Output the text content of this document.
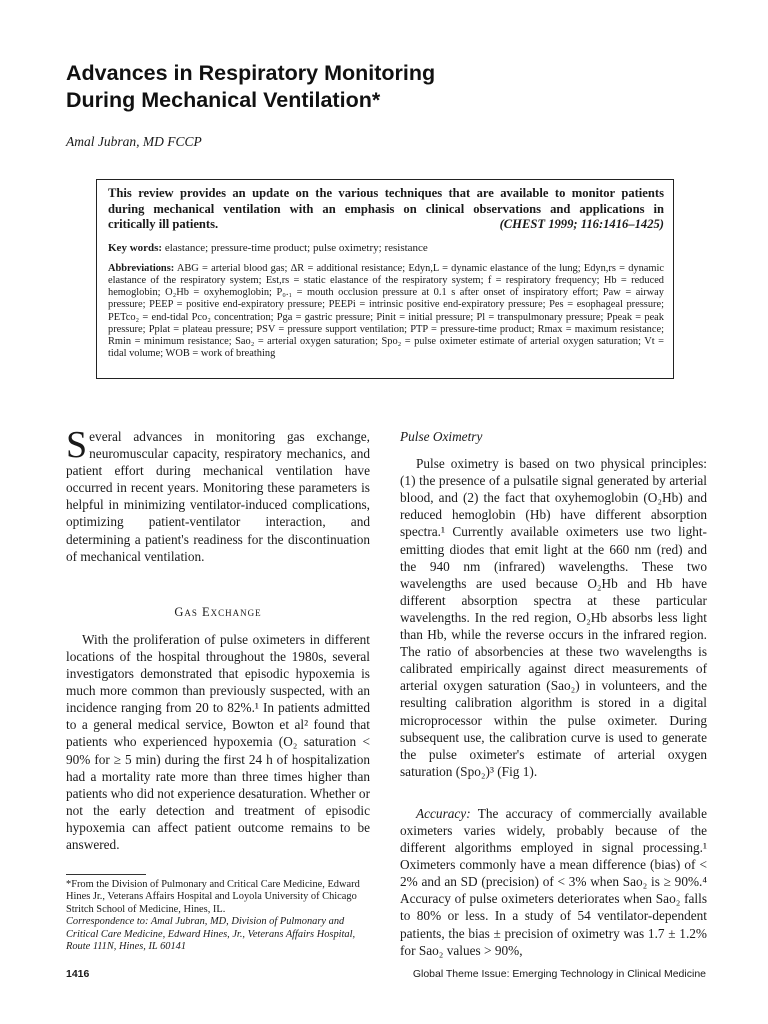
Advances in Respiratory Monitoring
During Mechanical Ventilation*
Amal Jubran, MD FCCP
This review provides an update on the various techniques that are available to monitor patients
during mechanical ventilation with an emphasis on clinical observations and applications in
critically ill patients.	(CHEST 1999; 116:1416–1425)
Key words: elastance; pressure-time product; pulse oximetry; resistance
Abbreviations: ABG = arterial blood gas; ΔR = additional resistance; Edyn,L = dynamic elastance of the lung; Edyn,rs = dynamic elastance of the respiratory system; Est,rs = static elastance of the respiratory system; f = respiratory frequency; Hb = reduced hemoglobin; O₂Hb = oxyhemoglobin; P₀.₁ = mouth occlusion pressure at 0.1 s after onset of inspiratory effort; Paw = airway pressure; PEEP = positive end-expiratory pressure; PEEPi = intrinsic positive end-expiratory pressure; Pes = esophageal pressure; PETco₂ = end-tidal Pco₂ concentration; Pga = gastric pressure; Pinit = initial pressure; Pl = transpulmonary pressure; Ppeak = peak pressure; Pplat = plateau pressure; PSV = pressure support ventilation; PTP = pressure-time product; Rmax = maximum resistance; Rmin = minimum resistance; Sao₂ = arterial oxygen saturation; Spo₂ = pulse oximeter estimate of arterial oxygen saturation; Vt = tidal volume; WOB = work of breathing

Several advances in monitoring gas exchange, neuromuscular capacity, respiratory mechanics, and patient effort during mechanical ventilation have occurred in recent years. Monitoring these parameters is helpful in minimizing ventilator-induced complications, optimizing patient-ventilator interaction, and determining a patient's readiness for the discontinuation of mechanical ventilation.

Gas Exchange

With the proliferation of pulse oximeters in different locations of the hospital throughout the 1980s, several investigators demonstrated that episodic hypoxemia is much more common than previously suspected, with an incidence ranging from 20 to 82%.¹ In patients admitted to a general medical service, Bowton et al² found that patients who experienced hypoxemia (O₂ saturation < 90% for ≥ 5 min) during the first 24 h of hospitalization had a mortality rate more than three times higher than patients who did not experience desaturation. Whether or not the early detection and treatment of episodic hypoxemia can affect patient outcome remains to be answered.

Pulse Oximetry

Pulse oximetry is based on two physical principles: (1) the presence of a pulsatile signal generated by arterial blood, and (2) the fact that oxyhemoglobin (O₂Hb) and reduced hemoglobin (Hb) have different absorption spectra.¹ Currently available oximeters use two light-emitting diodes that emit light at the 660 nm (red) and the 940 nm (infrared) wavelengths. These two wavelengths are used because O₂Hb and Hb have different absorption spectra at these particular wavelengths. In the red region, O₂Hb absorbs less light than Hb, while the reverse occurs in the infrared region. The ratio of absorbencies at these two wavelengths is calibrated empirically against direct measurements of arterial oxygen saturation (Sao₂) in volunteers, and the resulting calibration algorithm is stored in a digital microprocessor within the pulse oximeter. During subsequent use, the calibration curve is used to generate the pulse oximeter's estimate of arterial oxygen saturation (Spo₂)³ (Fig 1).

Accuracy: The accuracy of commercially available oximeters varies widely, probably because of the different algorithms employed in signal processing.¹ Oximeters commonly have a mean difference (bias) of < 2% and an SD (precision) of < 3% when Sao₂ is ≥ 90%.⁴ Accuracy of pulse oximeters deteriorates when Sao₂ falls to 80% or less. In a study of 54 ventilator-dependent patients, the bias ± precision of oximetry was 1.7 ± 1.2% for Sao₂ values > 90%,

*From the Division of Pulmonary and Critical Care Medicine, Edward Hines Jr., Veterans Affairs Hospital and Loyola University of Chicago Stritch School of Medicine, Hines, IL.
Correspondence to: Amal Jubran, MD, Division of Pulmonary and Critical Care Medicine, Edward Hines, Jr., Veterans Affairs Hospital, Route 111N, Hines, IL 60141
1416	Global Theme Issue: Emerging Technology in Clinical Medicine
